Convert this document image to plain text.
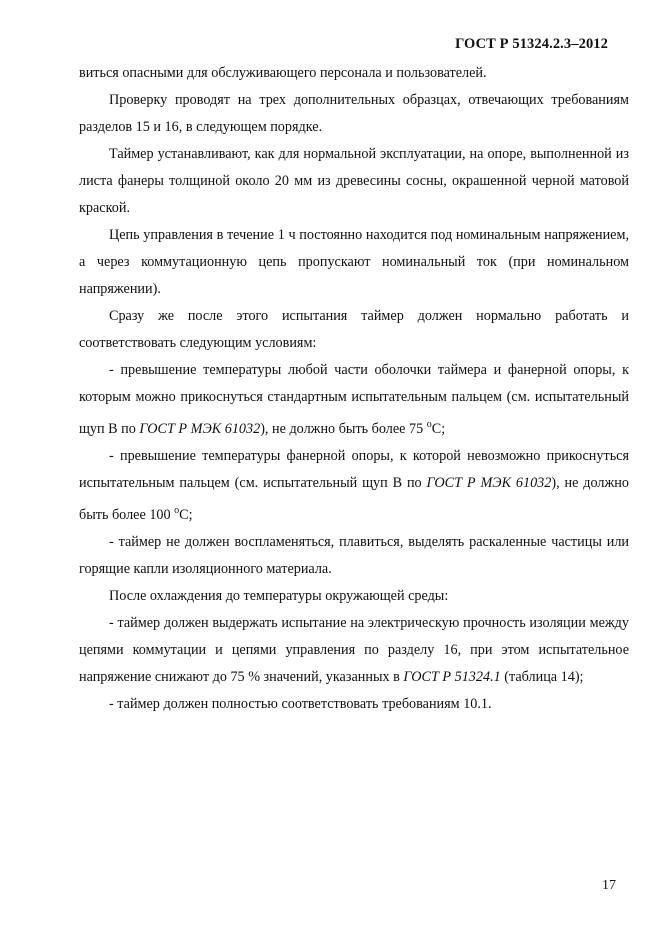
ГОСТ Р 51324.2.3–2012

виться опасными для обслуживающего персонала и пользователей.

Проверку проводят на трех дополнительных образцах, отвечающих требованиям разделов 15 и 16, в следующем порядке.

Таймер устанавливают, как для нормальной эксплуатации, на опоре, выполненной из листа фанеры толщиной около 20 мм из древесины сосны, окрашенной черной матовой краской.

Цепь управления в течение 1 ч постоянно находится под номинальным напряжением, а через коммутационную цепь пропускают номинальный ток (при номинальном напряжении).

Сразу же после этого испытания таймер должен нормально работать и соответствовать следующим условиям:

- превышение температуры любой части оболочки таймера и фанерной опоры, к которым можно прикоснуться стандартным испытательным пальцем (см. испытательный щуп В по ГОСТ Р МЭК 61032), не должно быть более 75 $^о$С;

- превышение температуры фанерной опоры, к которой невозможно прикоснуться испытательным пальцем (см. испытательный щуп В по ГОСТ Р МЭК 61032), не должно быть более 100 $^о$С;

- таймер не должен воспламеняться, плавиться, выделять раскаленные частицы или горящие капли изоляционного материала.

После охлаждения до температуры окружающей среды:

- таймер должен выдержать испытание на электрическую прочность изоляции между цепями коммутации и цепями управления по разделу 16, при этом испытательное напряжение снижают до 75 % значений, указанных в ГОСТ Р 51324.1 (таблица 14);

- таймер должен полностью соответствовать требованиям 10.1.

17
